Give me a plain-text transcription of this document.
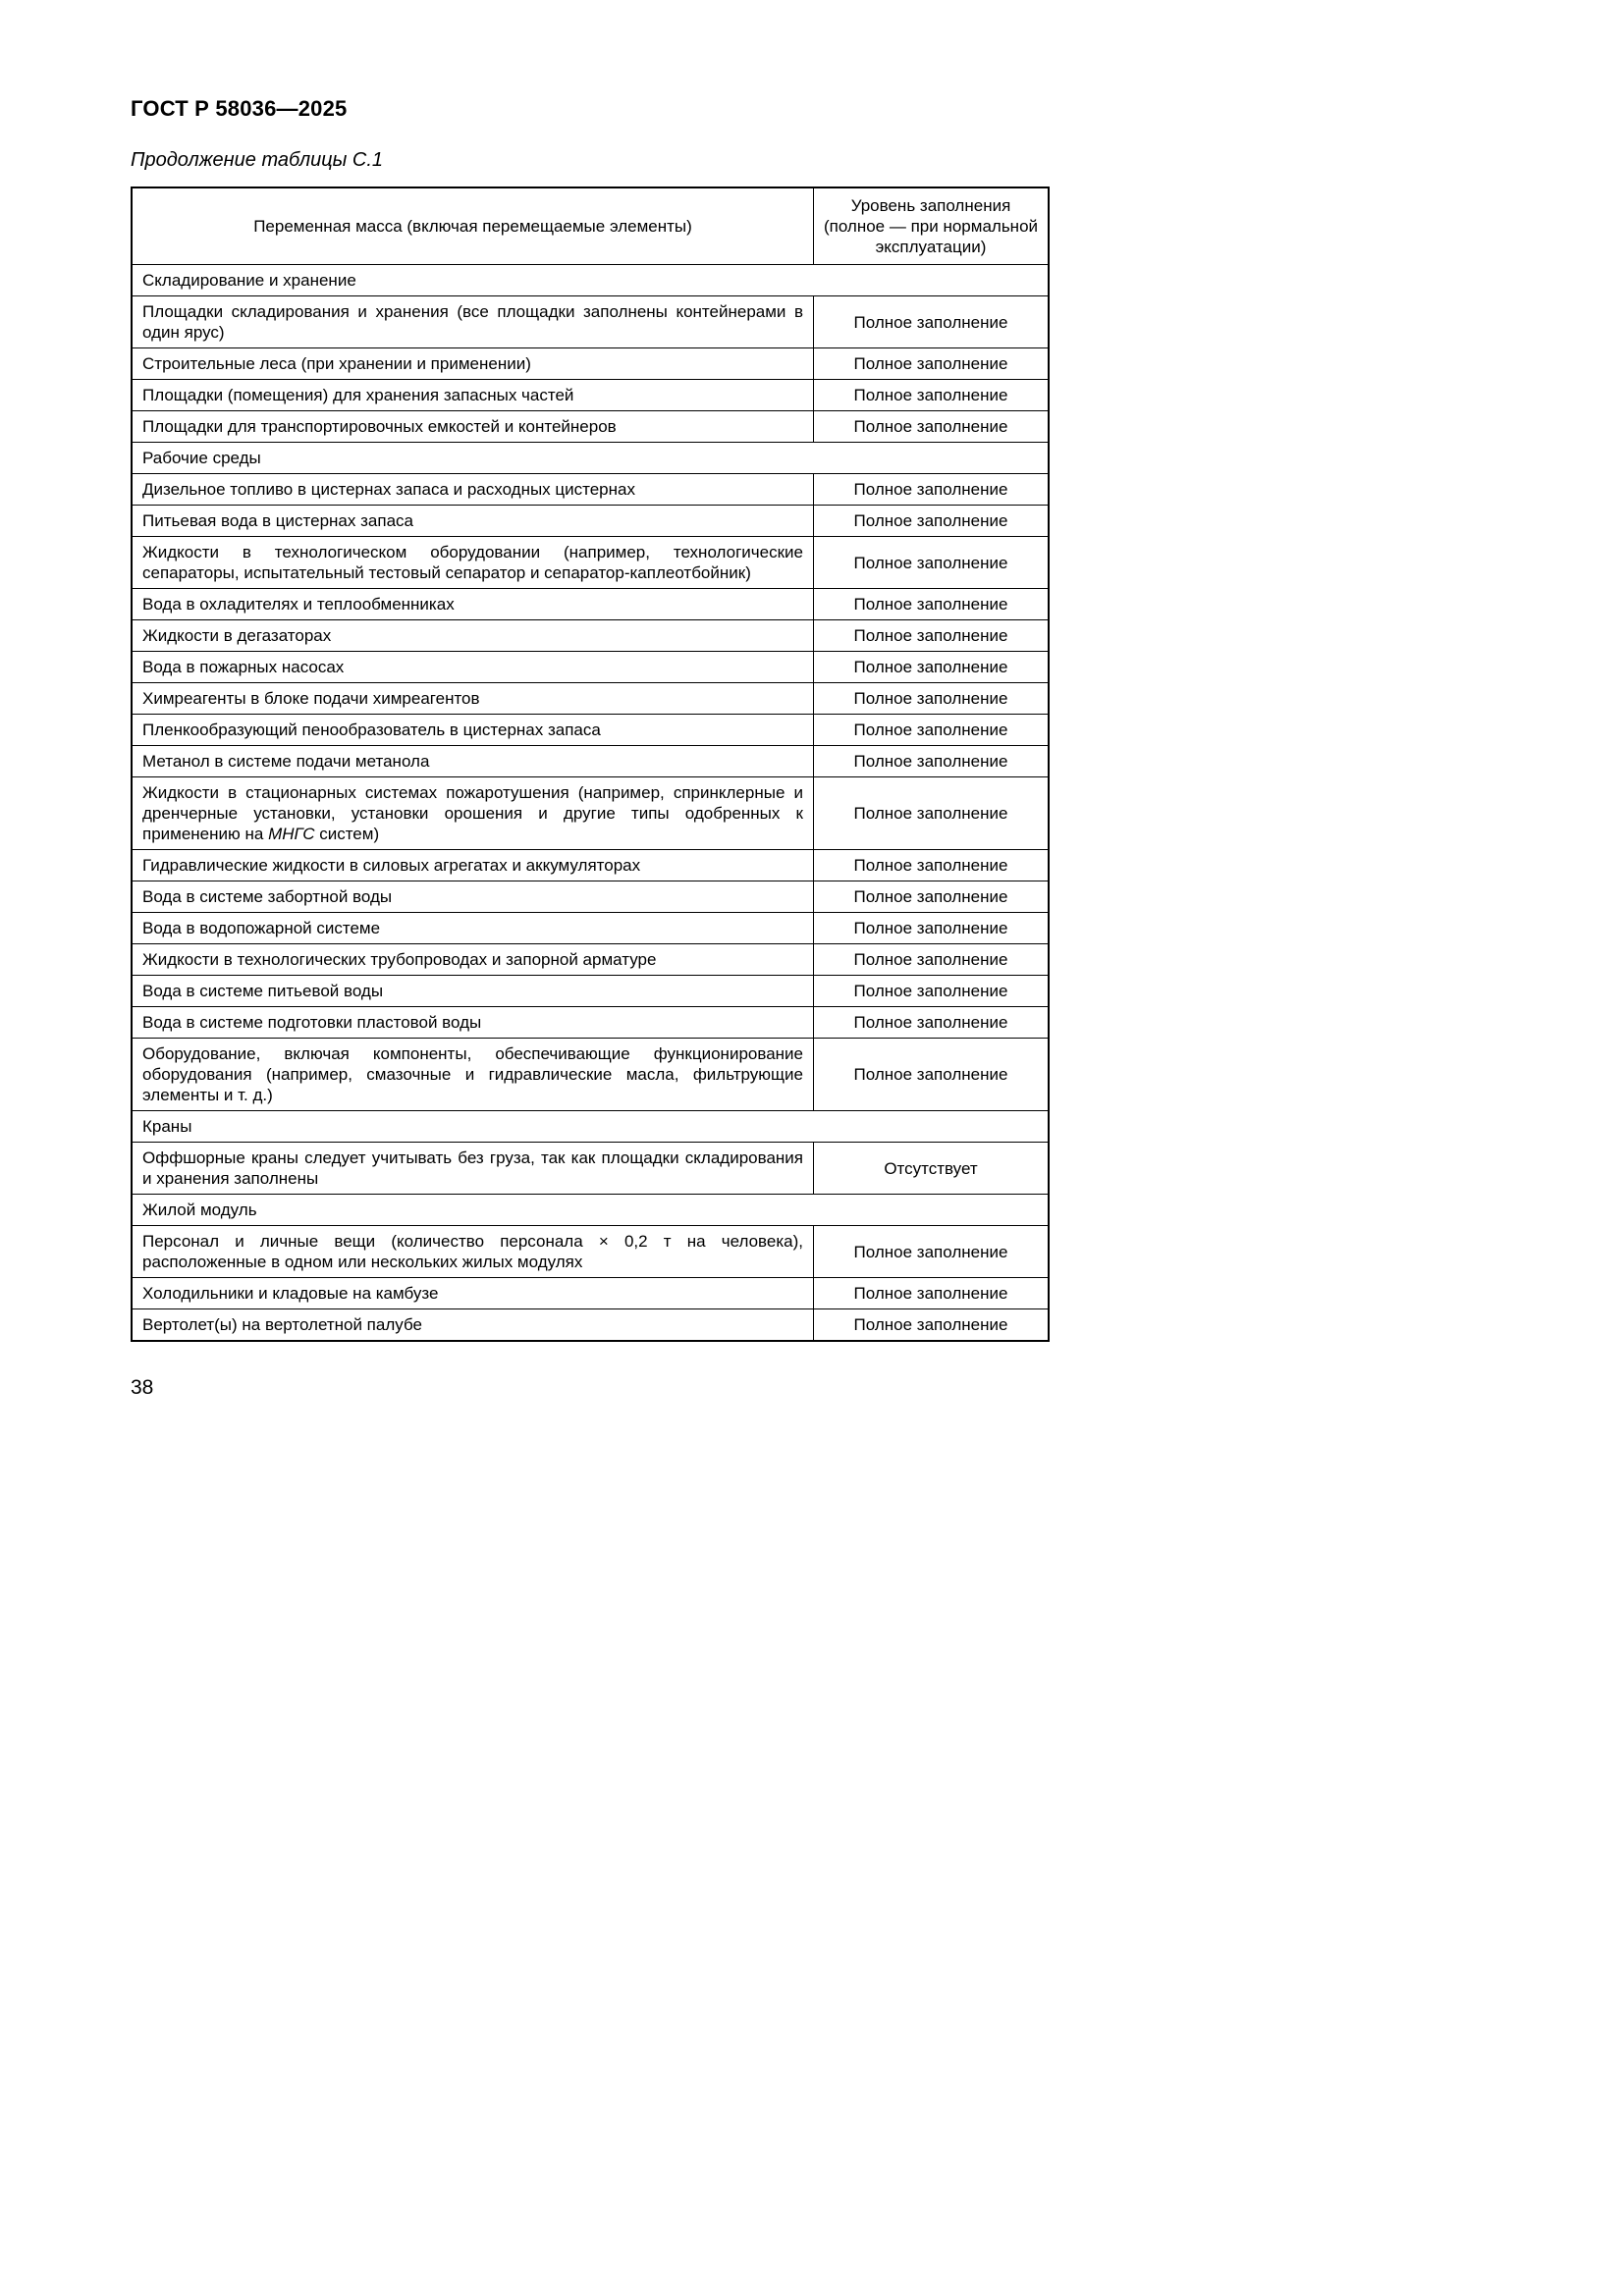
ГОСТ Р 58036—2025
Продолжение таблицы С.1
Переменная масса (включая перемещаемые элементы)	Уровень заполнения (полное — при нормальной эксплуатации)
Складирование и хранение	
Площадки складирования и хранения (все площадки заполнены контейнерами в один ярус)	Полное заполнение
Строительные леса (при хранении и применении)	Полное заполнение
Площадки (помещения) для хранения запасных частей	Полное заполнение
Площадки для транспортировочных емкостей и контейнеров	Полное заполнение
Рабочие среды	
Дизельное топливо в цистернах запаса и расходных цистернах	Полное заполнение
Питьевая вода в цистернах запаса	Полное заполнение
Жидкости в технологическом оборудовании (например, технологические сепараторы, испытательный тестовый сепаратор и сепаратор-каплеотбойник)	Полное заполнение
Вода в охладителях и теплообменниках	Полное заполнение
Жидкости в дегазаторах	Полное заполнение
Вода в пожарных насосах	Полное заполнение
Химреагенты в блоке подачи химреагентов	Полное заполнение
Пленкообразующий пенообразователь в цистернах запаса	Полное заполнение
Метанол в системе подачи метанола	Полное заполнение
Жидкости в стационарных системах пожаротушения (например, спринклерные и дренчерные установки, установки орошения и другие типы одобренных к применению на МНГС систем)	Полное заполнение
Гидравлические жидкости в силовых агрегатах и аккумуляторах	Полное заполнение
Вода в системе забортной воды	Полное заполнение
Вода в водопожарной системе	Полное заполнение
Жидкости в технологических трубопроводах и запорной арматуре	Полное заполнение
Вода в системе питьевой воды	Полное заполнение
Вода в системе подготовки пластовой воды	Полное заполнение
Оборудование, включая компоненты, обеспечивающие функционирование оборудования (например, смазочные и гидравлические масла, фильтрующие элементы и т. д.)	Полное заполнение
Краны	
Оффшорные краны следует учитывать без груза, так как площадки складирования и хранения заполнены	Отсутствует
Жилой модуль	
Персонал и личные вещи (количество персонала × 0,2 т на человека), расположенные в одном или нескольких жилых модулях	Полное заполнение
Холодильники и кладовые на камбузе	Полное заполнение
Вертолет(ы) на вертолетной палубе	Полное заполнение
38
